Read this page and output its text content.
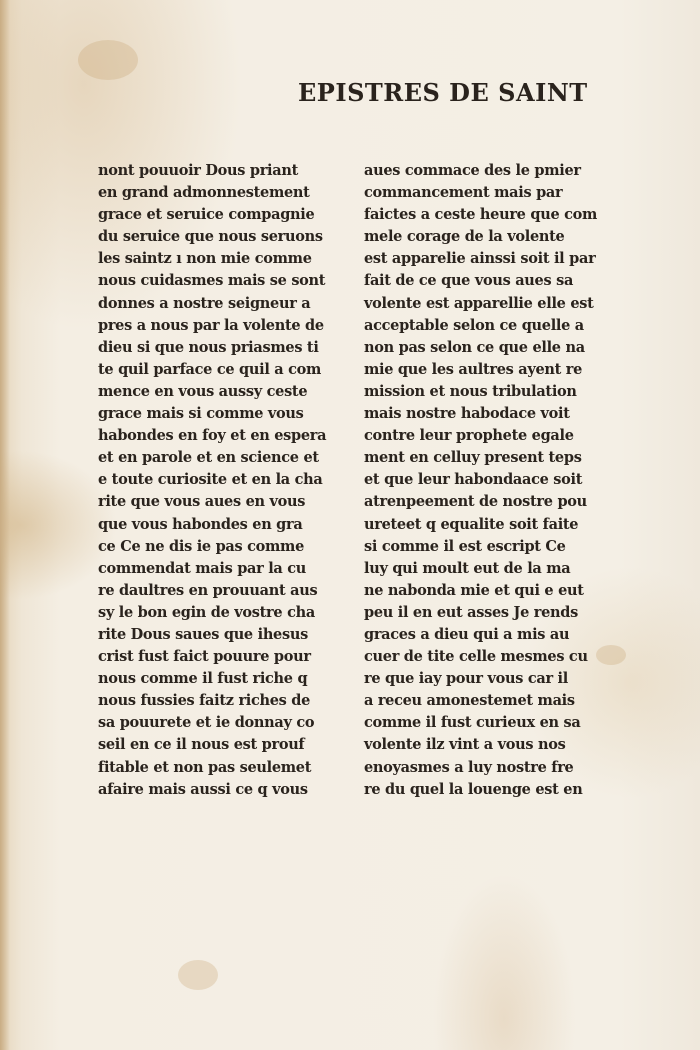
EPISTRES DE SAINT
nont pouuoir Dous priant
en grand admonnestement
grace et seruice compagnie
du seruice que nous seruons
les saintz ı non mie comme
nous cuidasmes mais se sont
donnes a nostre seigneur a
pres a nous par la volente de
dieu si que nous priasmes ti
te quil parface ce quil a com
mence en vous aussy ceste
grace mais si comme vous
habondes en foy et en espera
et en parole et en science et
e toute curiosite et en la cha
rite que vous aues en vous
que vous habondes en gra
ce Ce ne dis ie pas comme
commendat mais par la cu
re daultres en prouuant aus
sy le bon egin de vostre cha
rite Dous saues que ihesus
crist fust faict pouure pour
nous comme il fust riche q
nous fussies faitz riches de
sa pouurete et ie donnay co
seil en ce il nous est prouf
fitable et non pas seulemet
afaire mais aussi ce q vous
aues commace des le pmier
commancement mais par
faictes a ceste heure que com
mele corage de la volente
est apparelie ainssi soit il par
fait de ce que vous aues sa
volente est apparellie elle est
acceptable selon ce quelle a
non pas selon ce que elle na
mie que les aultres ayent re
mission et nous tribulation
mais nostre habodace voit
contre leur prophete egale
ment en celluy present teps
et que leur habondaace soit
atrenpeement de nostre pou
ureteet q equalite soit faite
si comme il est escript Ce
luy qui moult eut de la ma
ne nabonda mie et qui e eut
peu il en eut asses Je rends
graces a dieu qui a mis au
cuer de tite celle mesmes cu
re que iay pour vous car il
a receu amonestemet mais
comme il fust curieux en sa
volente ilz vint a vous nos
enoyasmes a luy nostre fre
re du quel la louenge est en
